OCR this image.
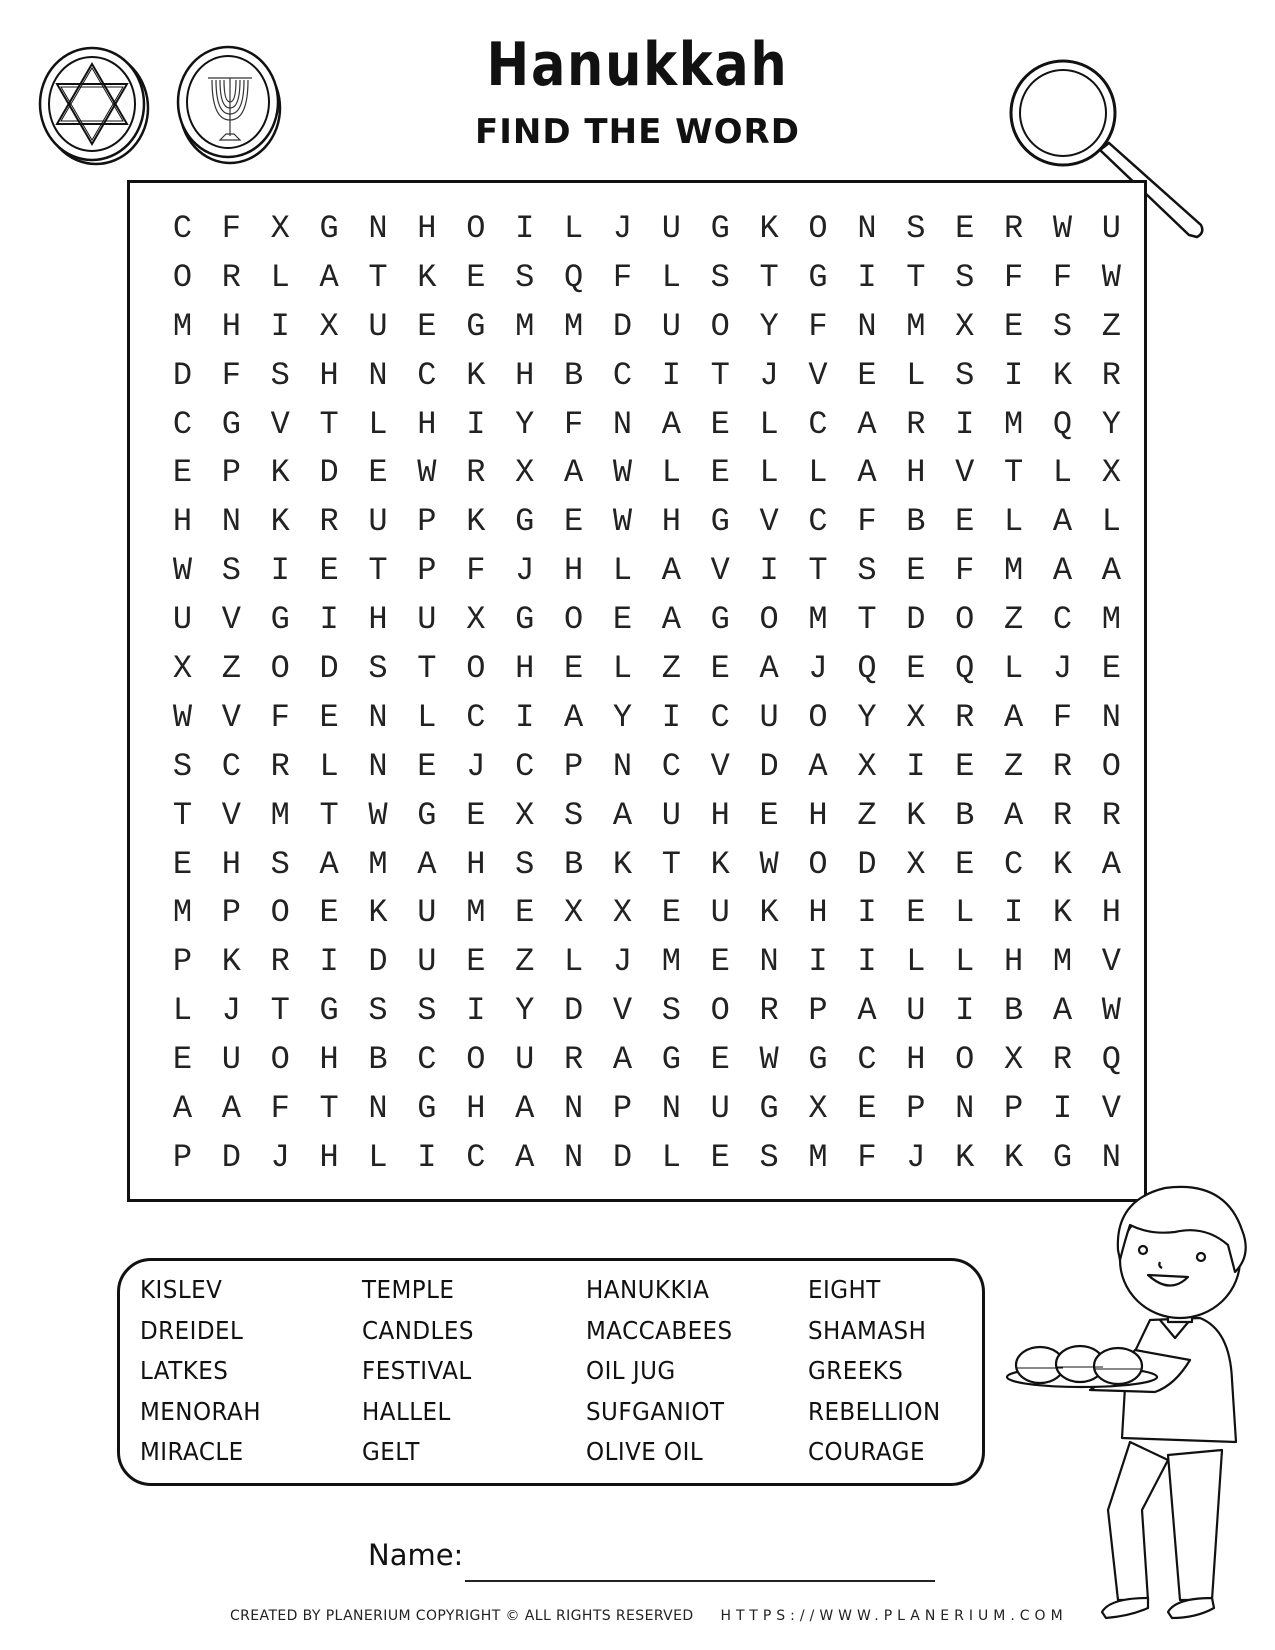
Hanukkah
FIND THE WORD
C F X G N H O I L J U G K O N S E R W U
O R L A T K E S Q F L S T G I T S F F W
M H I X U E G M M D U O Y F N M X E S Z
D F S H N C K H B C I T J V E L S I K R
C G V T L H I Y F N A E L C A R I M Q Y
E P K D E W R X A W L E L L A H V T L X
H N K R U P K G E W H G V C F B E L A L
W S I E T P F J H L A V I T S E F M A A
U V G I H U X G O E A G O M T D O Z C M
X Z O D S T O H E L Z E A J Q E Q L J E
W V F E N L C I A Y I C U O Y X R A F N
S C R L N E J C P N C V D A X I E Z R O
T V M T W G E X S A U H E H Z K B A R R
E H S A M A H S B K T K W O D X E C K A
M P O E K U M E X X E U K H I E L I K H
P K R I D U E Z L J M E N I I L L H M V
L J T G S S I Y D V S O R P A U I B A W
E U O H B C O U R A G E W G C H O X R Q
A A F T N G H A N P N U G X E P N P I V
P D J H L I C A N D L E S M F J K K G N
KISLEV	TEMPLE	HANUKKIA	EIGHT
DREIDEL	CANDLES	MACCABEES	SHAMASH
LATKES	FESTIVAL	OIL JUG	GREEKS
MENORAH	HALLEL	SUFGANIOT	REBELLION
MIRACLE	GELT	OLIVE OIL	COURAGE
Name:
CREATED BY PLANERIUM COPYRIGHT © ALL RIGHTS RESERVED HTTPS://WWW.PLANERIUM.COM
